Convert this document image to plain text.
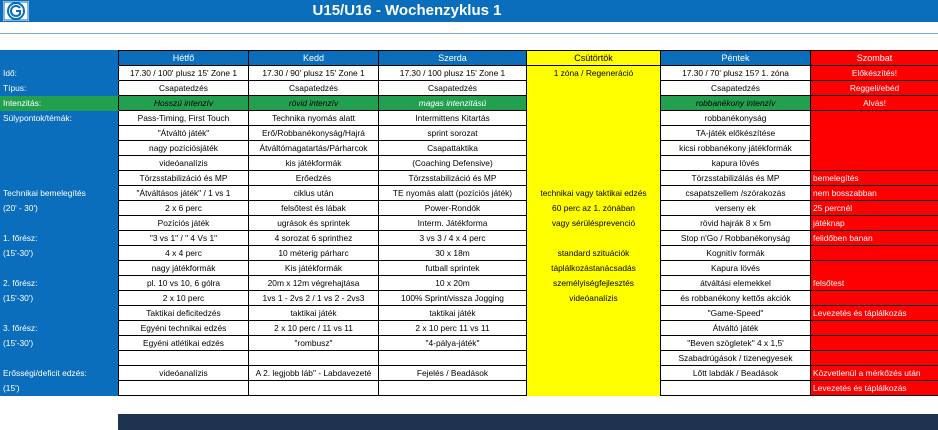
U15/U16 - Wochenzyklus 1
	Hétfő	Kedd	Szerda	Csütörtök	Péntek	Szombat
Idő:	17.30 / 100' plusz 15' Zone 1	17.30 / 90' plusz 15' Zone 1	17.30 / 100 plusz 15' Zone 1	1 zóna / Regeneráció	17.30 / 70' plusz 15? 1. zóna	Előkészítés!
Típus:	Csapatedzés	Csapatedzés	Csapatedzés		Csapatedzés	Reggeli/ebéd
Intenzitás:	Hosszú intenzív	rövid intenzív	magas intenzitású		robbanékony intenzív	Alvás!
Súlypontok/témák:	Pass-Timing, First Touch	Technika nyomás alatt	Intermittens Kitartás		robbanékonyság	
	"Átváltó játék"	Erő/Robbanékonyság/Hajrá	sprint sorozat		TA-játék előkészítése	
	nagy pozíciósjáték	Átváltómagatartás/Párharcok	Csapattaktika		kicsi robbanékony játékformák	
	videóanalízis	kis játékformák	(Coaching Defensive)		kapura lövés	
	Törzsstabilizáció és MP	Erőedzés	Törzsstabilizáció és MP		Törzsstabilizálás és MP	bemelegítés
Technikai bemelegítés	"Átváltásos játék" / 1 vs 1	ciklus után	TE nyomás alatt (pozíciós játék)	technikai vagy taktikai edzés	csapatszellem /szórakozás	nem bosszabban
(20' - 30')	2 x 6 perc	felsőtest és lábak	Power-Rondók	60 perc az 1. zónában	verseny ek	25 percnél
	Pozíciós játék	ugrások és sprintek	Interm. Játékforma	vagy sérülésprevenció	rövid hajrák 8 x 5m	játéknap
1. főrész:	"3 vs 1" / " 4 Vs 1"	4 sorozat 6 sprinthez	3 vs 3 / 4 x 4 perc		Stop n'Go / Robbanékonyság	felidőben banan
(15'-30')	4 x 4 perc	10 méterig párharc	30 x 18m	standard szituációk	Kognitív formák	
	nagy játékformák	Kis játékformák	futball sprintek	táplálkozástanácsadás	Kapura lövés	
2. főrész:	pl. 10 vs 10, 6 gólra	20m x 12m végrehajtása	10 x 20m	személyiségfejlesztés	átváltási elemekkel	felsőtest
(15'-30')	2 x 10 perc	1vs 1 - 2vs 2 / 1 vs 2 - 2vs3	100% Sprint/vissza Jogging	videóanalízis	és robbanékony kettős akciók	
	Taktikai deficitedzés	taktikai játék	taktikai játék		"Game-Speed"	Levezetés és táplálkozás
3. főrész:	Egyéni technikai edzés	2 x 10 perc / 11 vs 11	2 x 10 perc 11 vs 11		Átváltó játék	
(15'-30')	Egyéni atlétikai edzés	"rombusz"	"4-pálya-játék"		"Beven szögletek" 4 x 1,5'	
					Szabadrúgások / tizenegyesek	
Erősségi/deficit edzés:	videóanalízis	A 2. legjobb láb" - Labdavezeté	Fejelés / Beadások		Lőtt labdák / Beadások	Közvetlenül a mérkőzés után
(15')						Levezetés és táplálkozás
